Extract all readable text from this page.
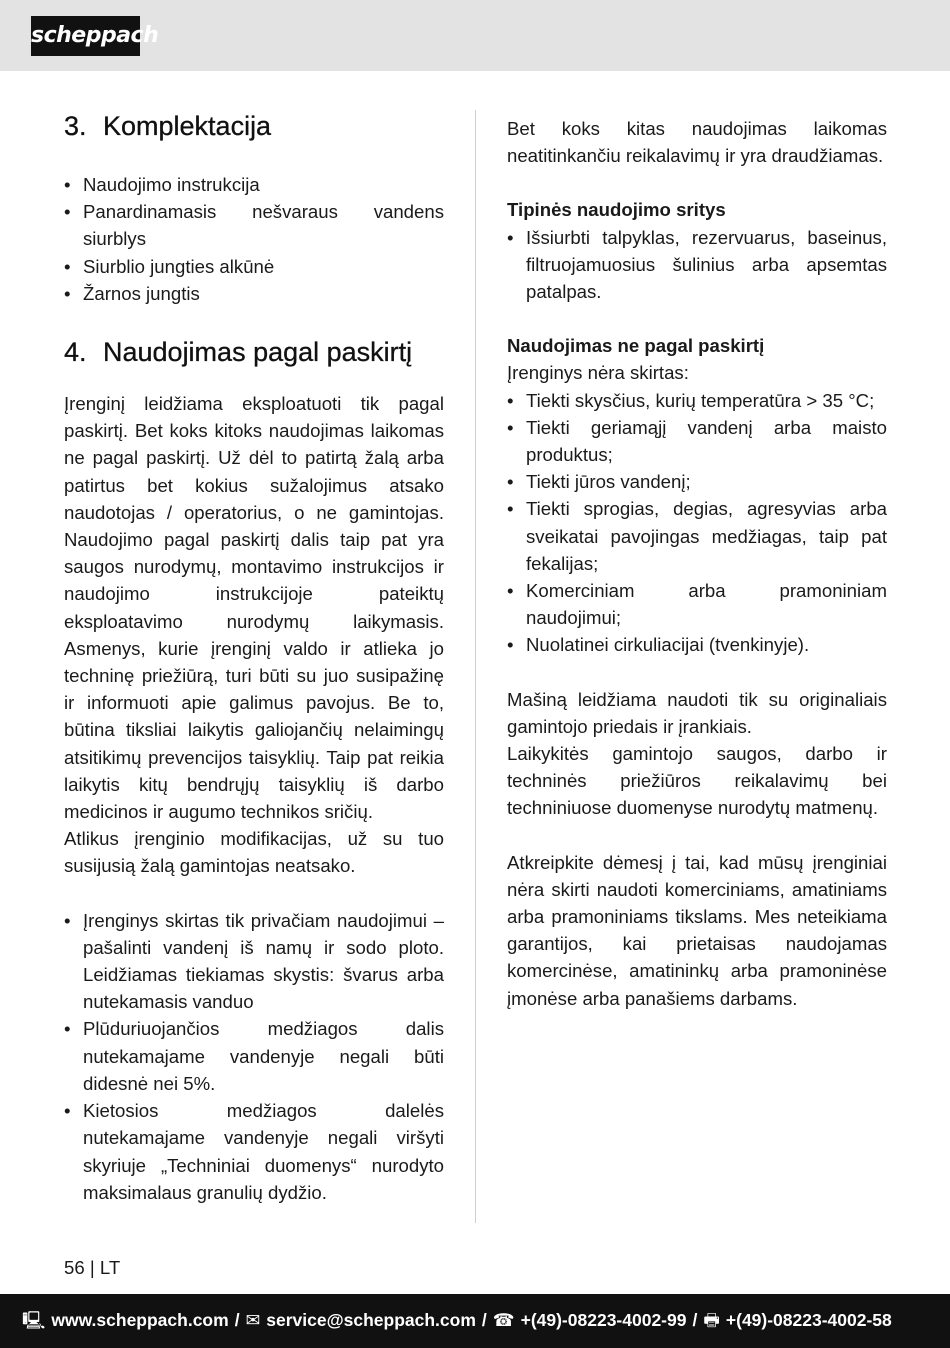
scheppach
3. Komplektacija
• Naudojimo instrukcija
• Panardinamasis nešvaraus vandens siurblys
• Siurblio jungties alkūnė
• Žarnos jungtis
4. Naudojimas pagal paskirtį

Įrenginį leidžiama eksploatuoti tik pagal paskirtį. Bet koks kitoks naudojimas laikomas ne pagal paskirtį. Už dėl to patirtą žalą arba patirtus bet kokius sužalojimus atsako naudotojas / operatorius, o ne gamintojas. Naudojimo pagal paskirtį dalis taip pat yra saugos nurodymų, montavimo instrukcijos ir naudojimo instrukcijoje pateiktų eksploatavimo nurodymų laikymasis. Asmenys, kurie įrenginį valdo ir atlieka jo techninę priežiūrą, turi būti su juo susipažinę ir informuoti apie galimus pavojus. Be to, būtina tiksliai laikytis galiojančių nelaimingų atsitikimų prevencijos taisyklių. Taip pat reikia laikytis kitų bendrųjų taisyklių iš darbo medicinos ir augumo technikos sričių.

Atlikus įrenginio modifikacijas, už su tuo susijusią žalą gamintojas neatsako.

• Įrenginys skirtas tik privačiam naudojimui – pašalinti vandenį iš namų ir sodo ploto. Leidžiamas tiekiamas skystis: švarus arba nutekamasis vanduo
• Plūduriuojančios medžiagos dalis nutekamajame vandenyje negali būti didesnė nei 5%.
• Kietosios medžiagos dalelės nutekamajame vandenyje negali viršyti skyriuje „Techniniai duomenys“ nurodyto maksimalaus granulių dydžio.

Bet koks kitas naudojimas laikomas neatitinkančiu reikalavimų ir yra draudžiamas.

Tipinės naudojimo sritys

• Išsiurbti talpyklas, rezervuarus, baseinus, filtruojamuosius šulinius arba apsemtas patalpas.

Naudojimas ne pagal paskirtį

Įrenginys nėra skirtas:

• Tiekti skysčius, kurių temperatūra > 35 °C;
• Tiekti geriamąjį vandenį arba maisto produktus;
• Tiekti jūros vandenį;
• Tiekti sprogias, degias, agresyvias arba sveikatai pavojingas medžiagas, taip pat fekalijas;
• Komerciniam arba pramoniniam naudojimui;
• Nuolatinei cirkuliacijai (tvenkinyje).

Mašiną leidžiama naudoti tik su originaliais gamintojo priedais ir įrankiais.

Laikykitės gamintojo saugos, darbo ir techninės priežiūros reikalavimų bei techniniuose duomenyse nurodytų matmenų.

Atkreipkite dėmesį į tai, kad mūsų įrenginiai nėra skirti naudoti komerciniams, amatiniams arba pramoniniams tikslams. Mes neteikiama garantijos, kai prietaisas naudojamas komercinėse, amatininkų arba pramoninėse įmonėse arba panašiems darbams.

56 | LT
🖳 www.scheppach.com / ✉ service@scheppach.com / ☎ +(49)-08223-4002-99 / 🖶 +(49)-08223-4002-58
